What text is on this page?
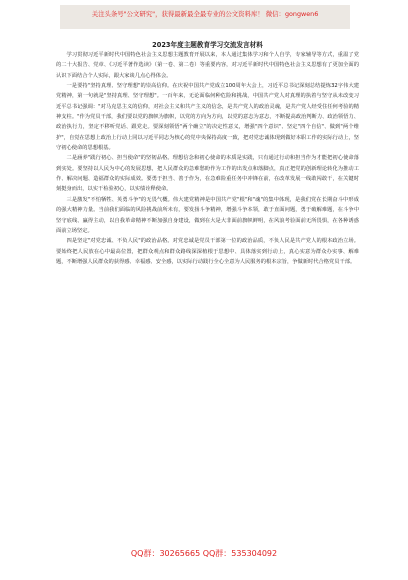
关注头条号"公文研究"，获得最新最全最专业的公文资料库！ 微信：gongwen6
2023年度主题教育学习交流发言材料

学习贯彻习近平新时代中国特色社会主义思想主题教育开展以来，本人通过集体学习和个人自学，专家辅导等方式，重温了党的二十大报告、党章、《习近平著作选读》（第一卷、第二卷）等重要内容，对习近平新时代中国特色社会主义思想有了更加全面的认识下面结合个人实际，跟大家谈几点心得体会。

一是要持"坚持真理、坚守理想"的崇高信仰。在庆祝中国共产党成立100周年大会上，习近平总书记深刻总结提炼32字伟大建党精神，第一句就是"坚持真理、坚守理想"。一百年来，无论面临何种危险和挑战，中国共产党人对真理的执着与坚守从未改变习近平总书记强调："对马克思主义的信仰，对社会主义和共产主义的信念，是共产党人的政治灵魂，是共产党人经受住任何考验的精神支柱。"作为党员干部，我们要以党的旗帜为旗帜，以党的方向为方向，以党的意志为意志，不断提高政治判断力、政治领悟力、政治执行力，坚定不移听党话、跟党走。要深刻领悟"两个确立"的决定性意义，增强"四个意识"、坚定"四个自信"、做到"两个维护"，自觉在思想上政治上行动上同以习近平同志为核心的党中央保持高度一致，把对党忠诚体现到做好本职工作的实际行动上，坚守初心使命的思想根基。

二是涵养"践行初心、担当使命"的坚韧品格。理想信念和初心使命的本质是实践，只有通过行动和担当作为才能把初心使命落到实处。要坚持以人民为中心的发展思想，把人民群众的急难愁盼作为工作的出发点和落脚点，真正把党的创新理论转化为推动工作、解决问题、造福群众的实际成效。要勇于担当、善于作为，在急难险重任务中冲锋在前，在改革发展一线敢闯敢干，在关键时刻挺身而出，以实干检验初心，以实绩诠释使命。

三是激发"不怕牺牲、英勇斗争"的无畏气概。伟大建党精神是中国共产党"根"和"魂"的集中体现，是我们党在长期奋斗中形成的强大精神力量。当前我们面临的风险挑战前所未有，要发扬斗争精神，增强斗争本领，敢于直面问题，勇于破解难题，在斗争中坚守底线、赢得主动，以自我革命精神不断加强自身建设，做到在大是大非面前旗帜鲜明，在风浪考验面前无所畏惧，在各种诱惑面前立场坚定。

四是坚定"对党忠诚、不负人民"的政治品格。对党忠诚是党员干部第一位的政治品质，不负人民是共产党人的根本政治立场。要始终把人民放在心中最高位置，把群众观点和群众路线深深植根于思想中、具体落实到行动上，真心实意为群众办实事、解难题，不断增强人民群众的获得感、幸福感、安全感，以实际行动践行全心全意为人民服务的根本宗旨，争做新时代合格党员干部。

QQ群：30265665 QQ群：535304092
